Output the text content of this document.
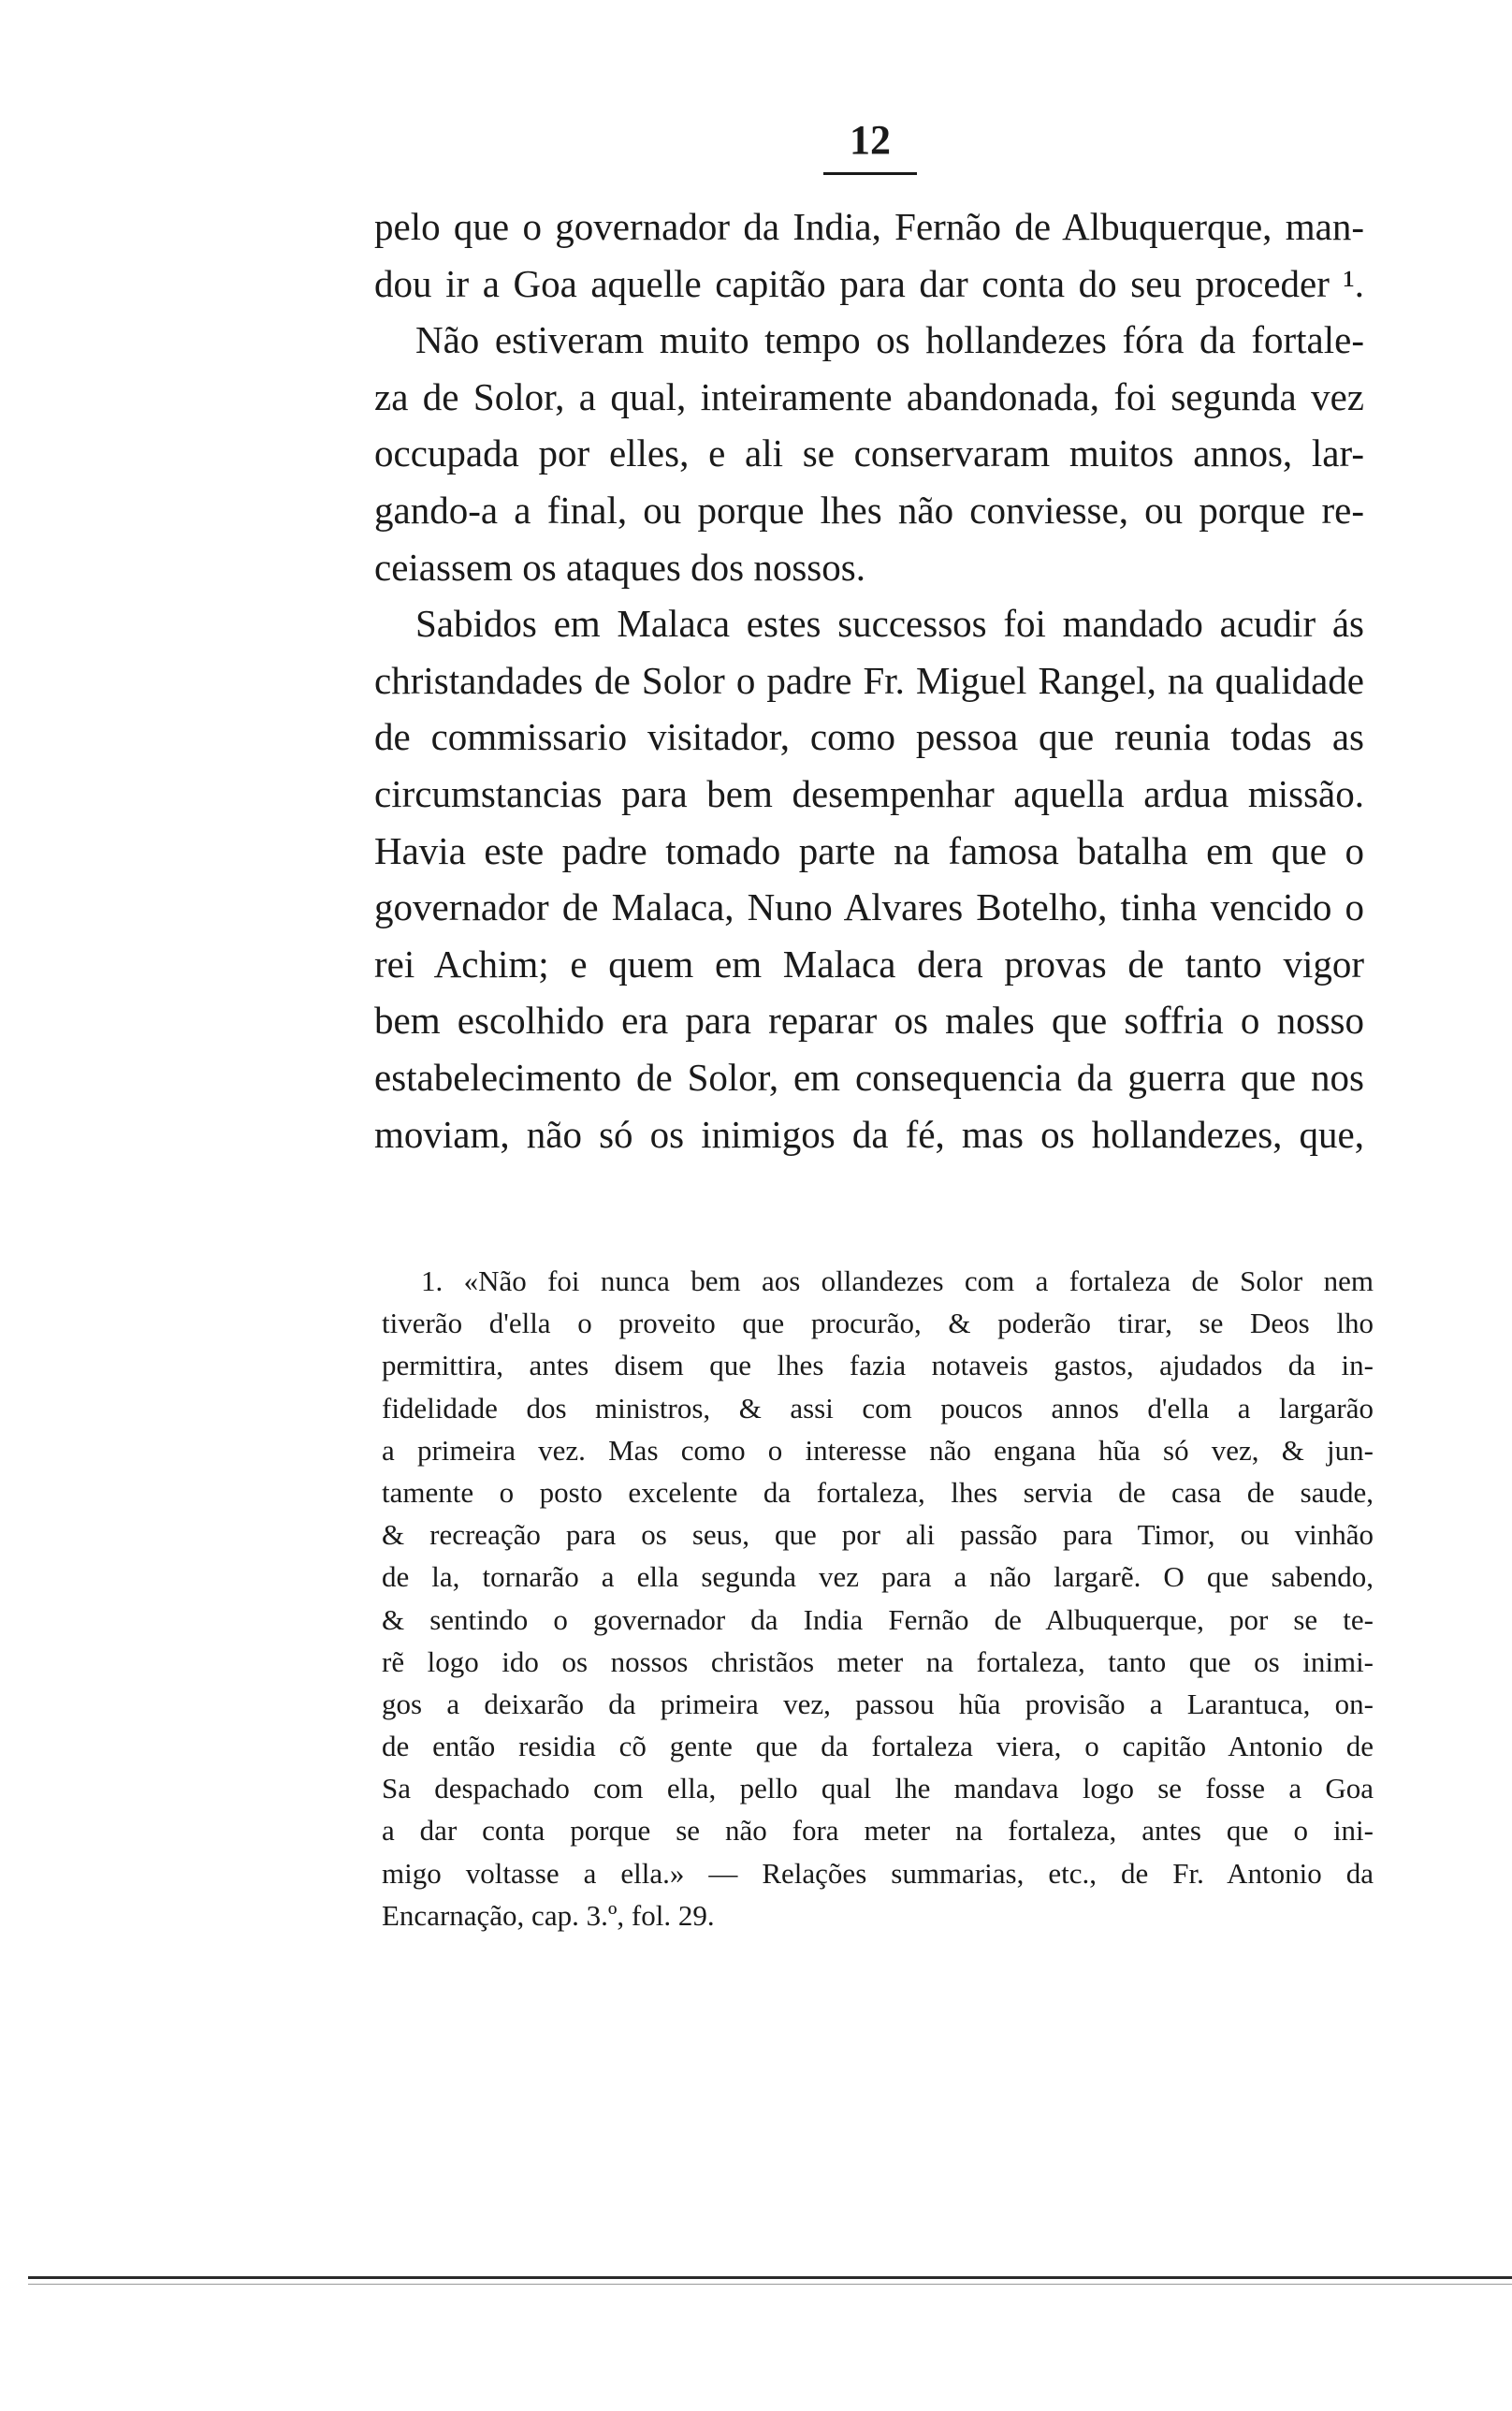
12
pelo que o governador da India, Fernão de Albuquerque, man-
dou ir a Goa aquelle capitão para dar conta do seu proceder ¹.
Não estiveram muito tempo os hollandezes fóra da fortale-
za de Solor, a qual, inteiramente abandonada, foi segunda vez
occupada por elles, e ali se conservaram muitos annos, lar-
gando-a a final, ou porque lhes não conviesse, ou porque re-
ceiassem os ataques dos nossos.
Sabidos em Malaca estes successos foi mandado acudir ás
christandades de Solor o padre Fr. Miguel Rangel, na qualidade
de commissario visitador, como pessoa que reunia todas as
circumstancias para bem desempenhar aquella ardua missão.
Havia este padre tomado parte na famosa batalha em que o
governador de Malaca, Nuno Alvares Botelho, tinha vencido o
rei Achim; e quem em Malaca dera provas de tanto vigor
bem escolhido era para reparar os males que soffria o nosso
estabelecimento de Solor, em consequencia da guerra que nos
moviam, não só os inimigos da fé, mas os hollandezes, que,
1. «Não foi nunca bem aos ollandezes com a fortaleza de Solor nem
tiverão d'ella o proveito que procurão, & poderão tirar, se Deos lho
permittira, antes disem que lhes fazia notaveis gastos, ajudados da in-
fidelidade dos ministros, & assi com poucos annos d'ella a largarão
a primeira vez. Mas como o interesse não engana hũa só vez, & jun-
tamente o posto excelente da fortaleza, lhes servia de casa de saude,
& recreação para os seus, que por ali passão para Timor, ou vinhão
de la, tornarão a ella segunda vez para a não largarẽ. O que sabendo,
& sentindo o governador da India Fernão de Albuquerque, por se te-
rẽ logo ido os nossos christãos meter na fortaleza, tanto que os inimi-
gos a deixarão da primeira vez, passou hũa provisão a Larantuca, on-
de então residia cõ gente que da fortaleza viera, o capitão Antonio de
Sa despachado com ella, pello qual lhe mandava logo se fosse a Goa
a dar conta porque se não fora meter na fortaleza, antes que o ini-
migo voltasse a ella.» — Relações summarias, etc., de Fr. Antonio da
Encarnação, cap. 3.º, fol. 29.
